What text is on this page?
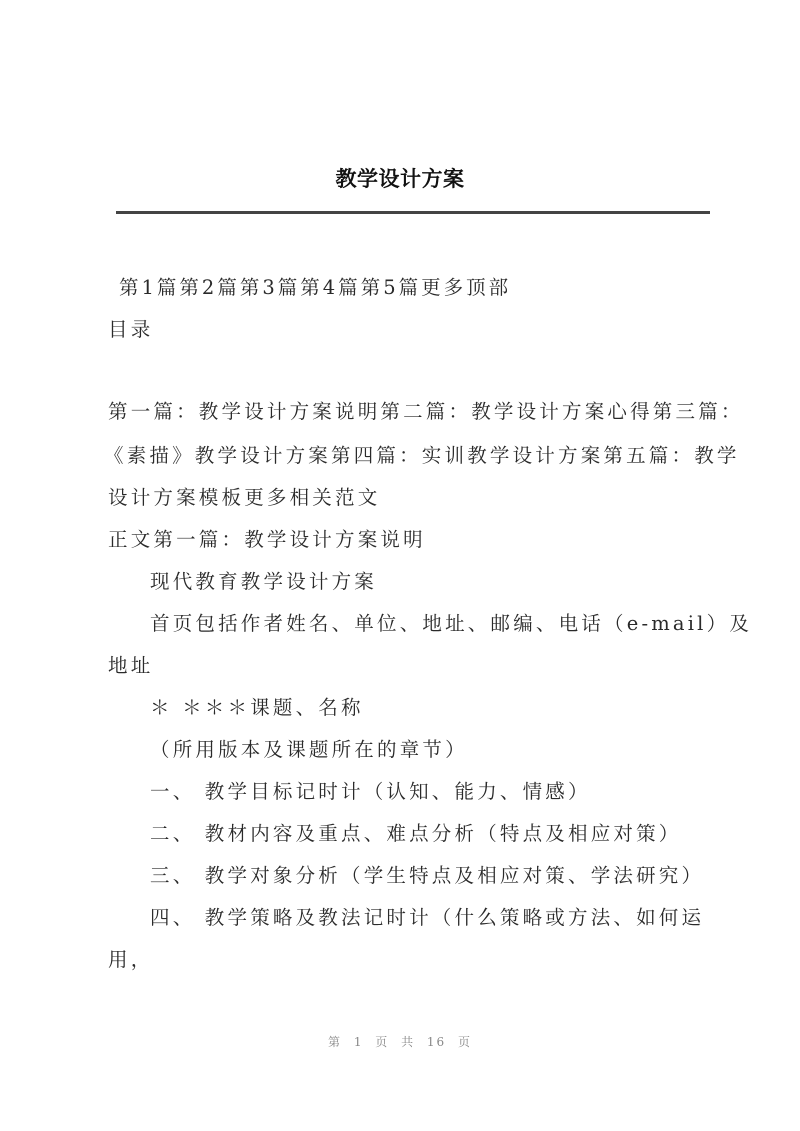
教学设计方案
第1篇第2篇第3篇第4篇第5篇更多顶部
目录
第一篇：教学设计方案说明第二篇：教学设计方案心得第三篇：
《素描》教学设计方案第四篇：实训教学设计方案第五篇：教学
设计方案模板更多相关范文
正文第一篇：教学设计方案说明
现代教育教学设计方案
首页包括作者姓名、单位、地址、邮编、电话（e-mail）及
地址
＊ ＊＊＊课题、名称
（所用版本及课题所在的章节）
一、 教学目标记时计（认知、能力、情感）
二、 教材内容及重点、难点分析（特点及相应对策）
三、 教学对象分析（学生特点及相应对策、学法研究）
四、 教学策略及教法记时计（什么策略或方法、如何运
用，
第 1 页 共 16 页
